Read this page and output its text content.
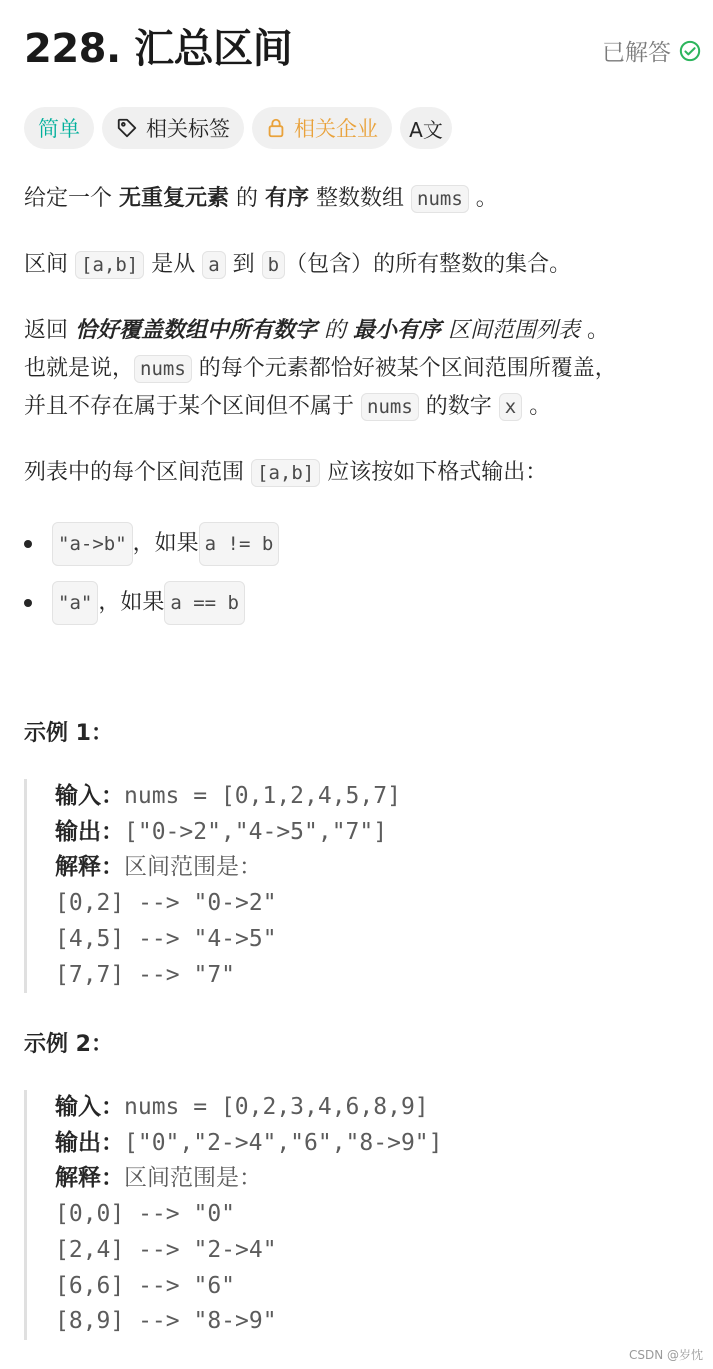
228. 汇总区间	已解答
简单	相关标签	相关企业 A文

给定一个 无重复元素 的 有序 整数数组 nums 。

区间 [a,b] 是从 a 到 b （包含）的所有整数的集合。

返回 恰好覆盖数组中所有数字 的 最小有序 区间范围列表 。

也就是说， nums 的每个元素都恰好被某个区间范围所覆盖，

并且不存在属于某个区间但不属于 nums 的数字 x 。

列表中的每个区间范围 [a,b] 应该按如下格式输出：

"a->b" ，如果 a != b
"a" ，如果 a == b
示例 1：
输入：nums = [0,1,2,4,5,7]
输出：["0->2","4->5","7"]
解释：区间范围是：
[0,2] --> "0->2"
[4,5] --> "4->5"
[7,7] --> "7"
示例 2：
输入：nums = [0,2,3,4,6,8,9]
输出：["0","2->4","6","8->9"]
解释：区间范围是：
[0,0] --> "0"
[2,4] --> "2->4"
[6,6] --> "6"
[8,9] --> "8->9"
CSDN @岁忱
